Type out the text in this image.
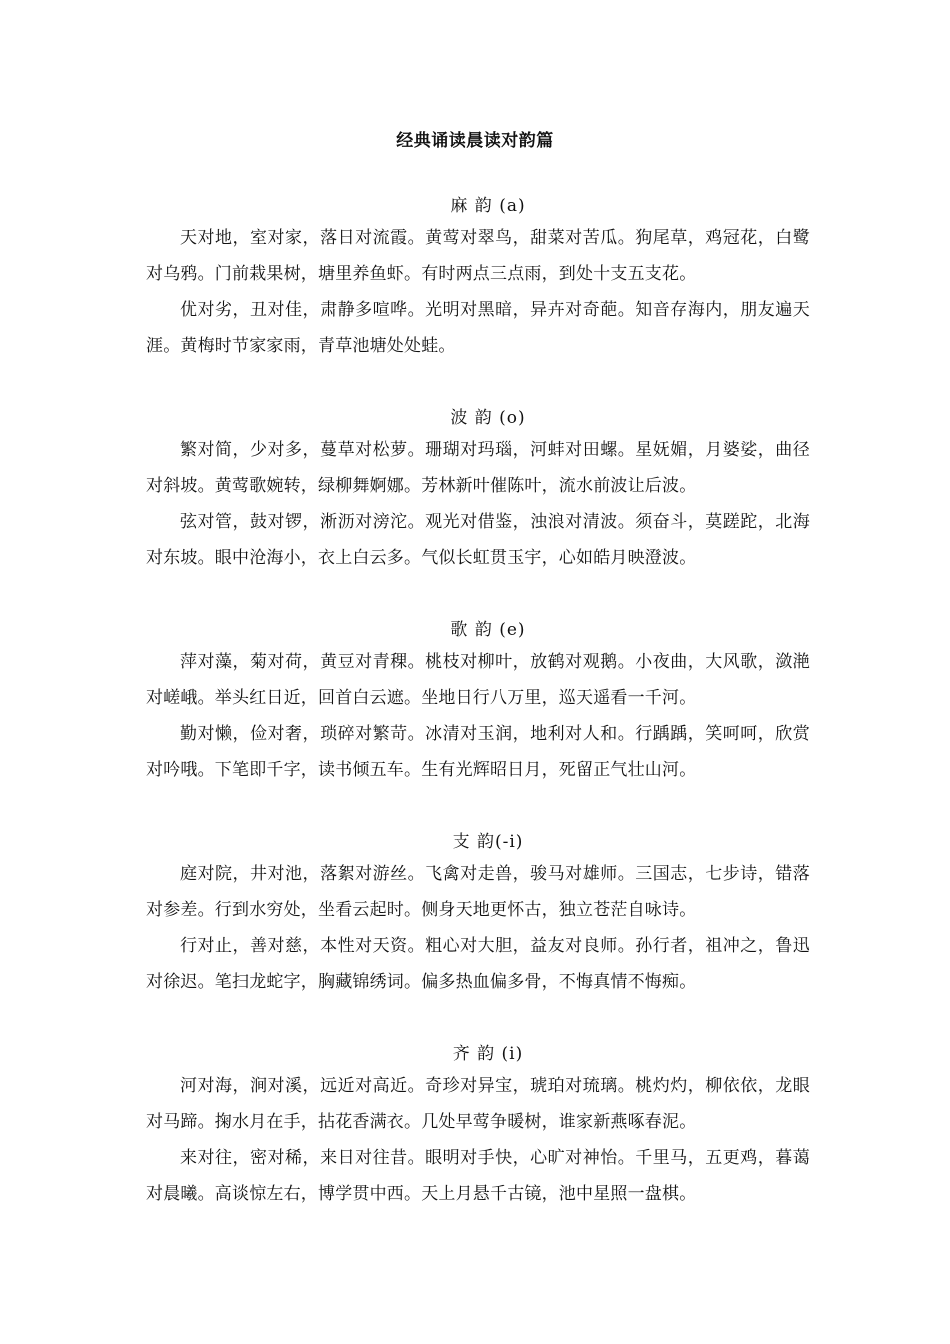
经典诵读晨读对韵篇
麻 韵 (a)

天对地，室对家，落日对流霞。黄莺对翠鸟，甜菜对苦瓜。狗尾草，鸡冠花，白鹭对乌鸦。门前栽果树，塘里养鱼虾。有时两点三点雨，到处十支五支花。

优对劣，丑对佳，肃静多喧哗。光明对黑暗，异卉对奇葩。知音存海内，朋友遍天涯。黄梅时节家家雨，青草池塘处处蛙。

波 韵 (o)

繁对简，少对多，蔓草对松萝。珊瑚对玛瑙，河蚌对田螺。星妩媚，月婆娑，曲径对斜坡。黄莺歌婉转，绿柳舞婀娜。芳林新叶催陈叶，流水前波让后波。

弦对管，鼓对锣，淅沥对滂沱。观光对借鉴，浊浪对清波。须奋斗，莫蹉跎，北海对东坡。眼中沧海小，衣上白云多。气似长虹贯玉宇，心如皓月映澄波。

歌 韵 (e)

萍对藻，菊对荷，黄豆对青稞。桃枝对柳叶，放鹤对观鹅。小夜曲，大风歌，潋滟对嵯峨。举头红日近，回首白云遮。坐地日行八万里，巡天遥看一千河。

勤对懒，俭对奢，琐碎对繁苛。冰清对玉润，地利对人和。行踽踽，笑呵呵，欣赏对吟哦。下笔即千字，读书倾五车。生有光辉昭日月，死留正气壮山河。

支 韵(-i)

庭对院，井对池，落絮对游丝。飞禽对走兽，骏马对雄师。三国志，七步诗，错落对参差。行到水穷处，坐看云起时。侧身天地更怀古，独立苍茫自咏诗。

行对止，善对慈，本性对天资。粗心对大胆，益友对良师。孙行者，祖冲之，鲁迅对徐迟。笔扫龙蛇字，胸藏锦绣词。偏多热血偏多骨，不悔真情不悔痴。

齐 韵 (i)

河对海，涧对溪，远近对高近。奇珍对异宝，琥珀对琉璃。桃灼灼，柳依依，龙眼对马蹄。掬水月在手，拈花香满衣。几处早莺争暖树，谁家新燕啄春泥。

来对往，密对稀，来日对往昔。眼明对手快，心旷对神怡。千里马，五更鸡，暮蔼对晨曦。高谈惊左右，博学贯中西。天上月悬千古镜，池中星照一盘棋。
